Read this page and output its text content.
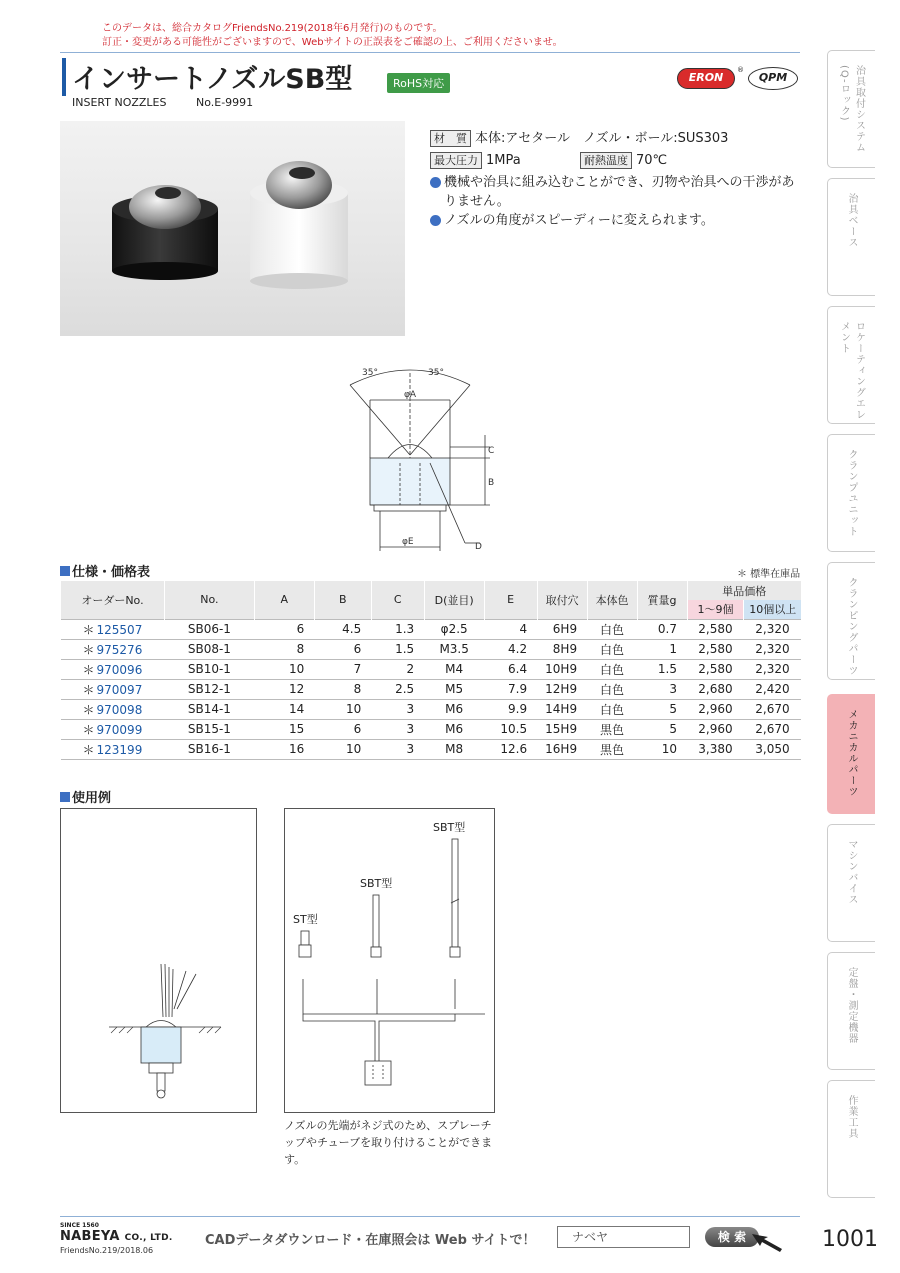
このデータは、総合カタログFriendsNo.219(2018年6月発行)のものです。
訂正・変更がある可能性がございますので、Webサイトの正誤表をご確認の上、ご利用くださいませ。
インサートノズルSB型	RoHS対応
INSERT NOZZLES	No.E-9991
ERON
®
QPM
材　質 本体:アセタール　ノズル・ボール:SUS303
最大圧力 1MPa	耐熱温度 70℃
機械や治具に組み込むことができ、刃物や治具への干渉がありません。
ノズルの角度がスピーディーに変えられます。
35°	35°
φA
C
B
D
φE
仕様・価格表	＊ 標準在庫品
オーダーNo.	No.	A	B	C	D(並目)	E	取付穴	本体色	質量g	単品価格	
										1〜9個	10個以上
＊ 125507	SB06-1	6	4.5	1.3	φ2.5	4	6H9	白色	0.7	2,580	2,320
＊ 975276	SB08-1	8	6	1.5	M3.5	4.2	8H9	白色	1	2,580	2,320
＊ 970096	SB10-1	10	7	2	M4	6.4	10H9	白色	1.5	2,580	2,320
＊ 970097	SB12-1	12	8	2.5	M5	7.9	12H9	白色	3	2,680	2,420
＊ 970098	SB14-1	14	10	3	M6	9.9	14H9	白色	5	2,960	2,670
＊ 970099	SB15-1	15	6	3	M6	10.5	15H9	黒色	5	2,960	2,670
＊ 123199	SB16-1	16	10	3	M8	12.6	16H9	黒色	10	3,380	3,050
使用例
ST型
SBT型
SBT型
ノズルの先端がネジ式のため、スプレーチップやチューブを取り付けることができます。
治具取付システム(Q-ロック)
治具ベース
ロケーティングエレメント
クランプユニット
クランピングパーツ
メカニカルパーツ
マシンバイス
定盤・測定機器
作業工具
SINCE 1560
NABEYA CO., LTD.
FriendsNo.219/2018.06
CADデータダウンロード・在庫照会は Web サイトで！	ナベヤ	検 索	1001
